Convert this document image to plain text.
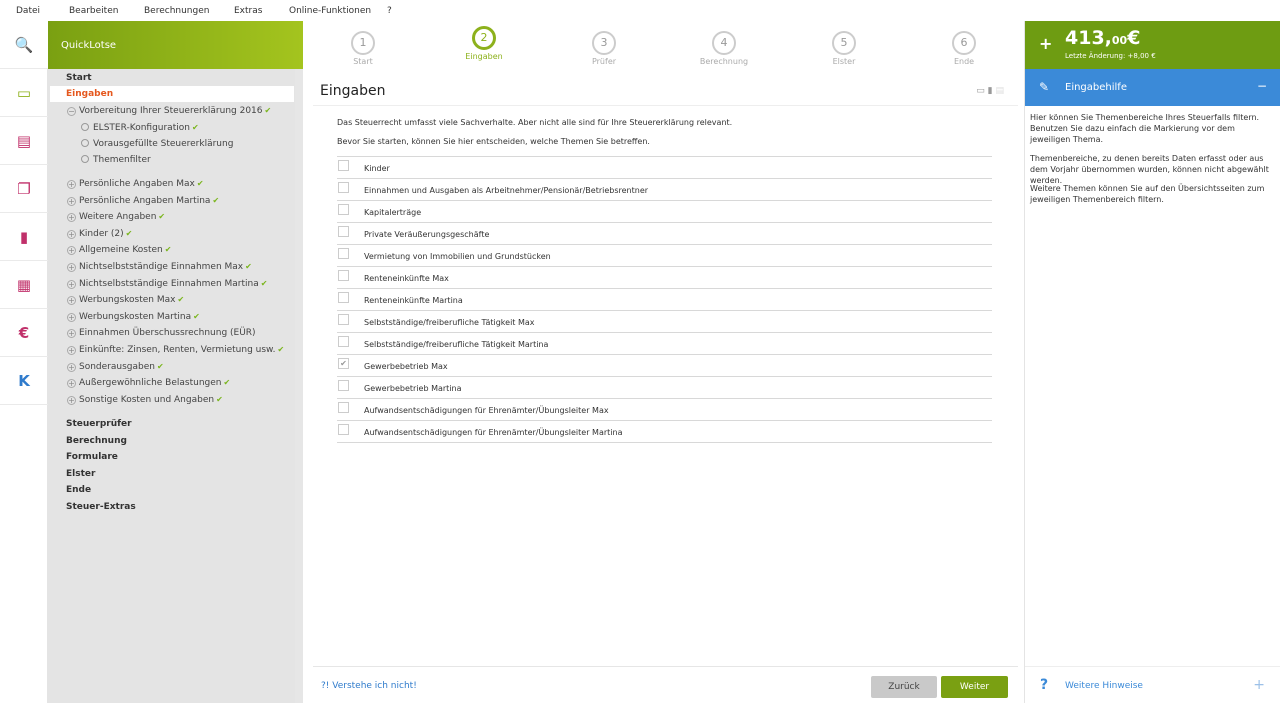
Datei	Bearbeiten	Berechnungen	Extras	Online-Funktionen ?
🔍
▭
▤
❐
▮
▦
€
K
QuickLotse
Start
Eingaben
− Vorbereitung Ihrer Steuererklärung 2016 ✔
ELSTER-Konfiguration ✔
Vorausgefüllte Steuererklärung
Themenfilter
+ Persönliche Angaben Max ✔
+ Persönliche Angaben Martina ✔
+ Weitere Angaben ✔
+ Kinder (2) ✔
+ Allgemeine Kosten ✔
+ Nichtselbstständige Einnahmen Max ✔
+ Nichtselbstständige Einnahmen Martina ✔
+ Werbungskosten Max ✔
+ Werbungskosten Martina ✔
+ Einnahmen Überschussrechnung (EÜR)
+ Einkünfte: Zinsen, Renten, Vermietung usw. ✔
+ Sonderausgaben ✔
+ Außergewöhnliche Belastungen ✔
+ Sonstige Kosten und Angaben ✔
Steuerprüfer
Berechnung
Formulare
Elster
Ende
Steuer-Extras
1
Start
2
Eingaben
3
Prüfer
4
Berechnung
5
Elster
6
Ende
Eingaben	▭ ▮ ▤
Das Steuerrecht umfasst viele Sachverhalte. Aber nicht alle sind für Ihre Steuererklärung relevant.
Bevor Sie starten, können Sie hier entscheiden, welche Themen Sie betreffen.
Kinder
Einnahmen und Ausgaben als Arbeitnehmer/Pensionär/Betriebsrentner
Kapitalerträge
Private Veräußerungsgeschäfte
Vermietung von Immobilien und Grundstücken
Renteneinkünfte Max
Renteneinkünfte Martina
Selbstständige/freiberufliche Tätigkeit Max
Selbstständige/freiberufliche Tätigkeit Martina
✔ Gewerbebetrieb Max
Gewerbebetrieb Martina
Aufwandsentschädigungen für Ehrenämter/Übungsleiter Max
Aufwandsentschädigungen für Ehrenämter/Übungsleiter Martina
?! Verstehe ich nicht!	Zurück	Weiter
+ 413,00€
Letzte Änderung: +8,00 €
✎ Eingabehilfe	−
Hier können Sie Themenbereiche Ihres Steuerfalls filtern. Benutzen Sie dazu einfach die Markierung vor dem jeweiligen Thema.
Themenbereiche, zu denen bereits Daten erfasst oder aus dem Vorjahr übernommen wurden, können nicht abgewählt werden.
Weitere Themen können Sie auf den Übersichtsseiten zum jeweiligen Themenbereich filtern.
? Weitere Hinweise	+
